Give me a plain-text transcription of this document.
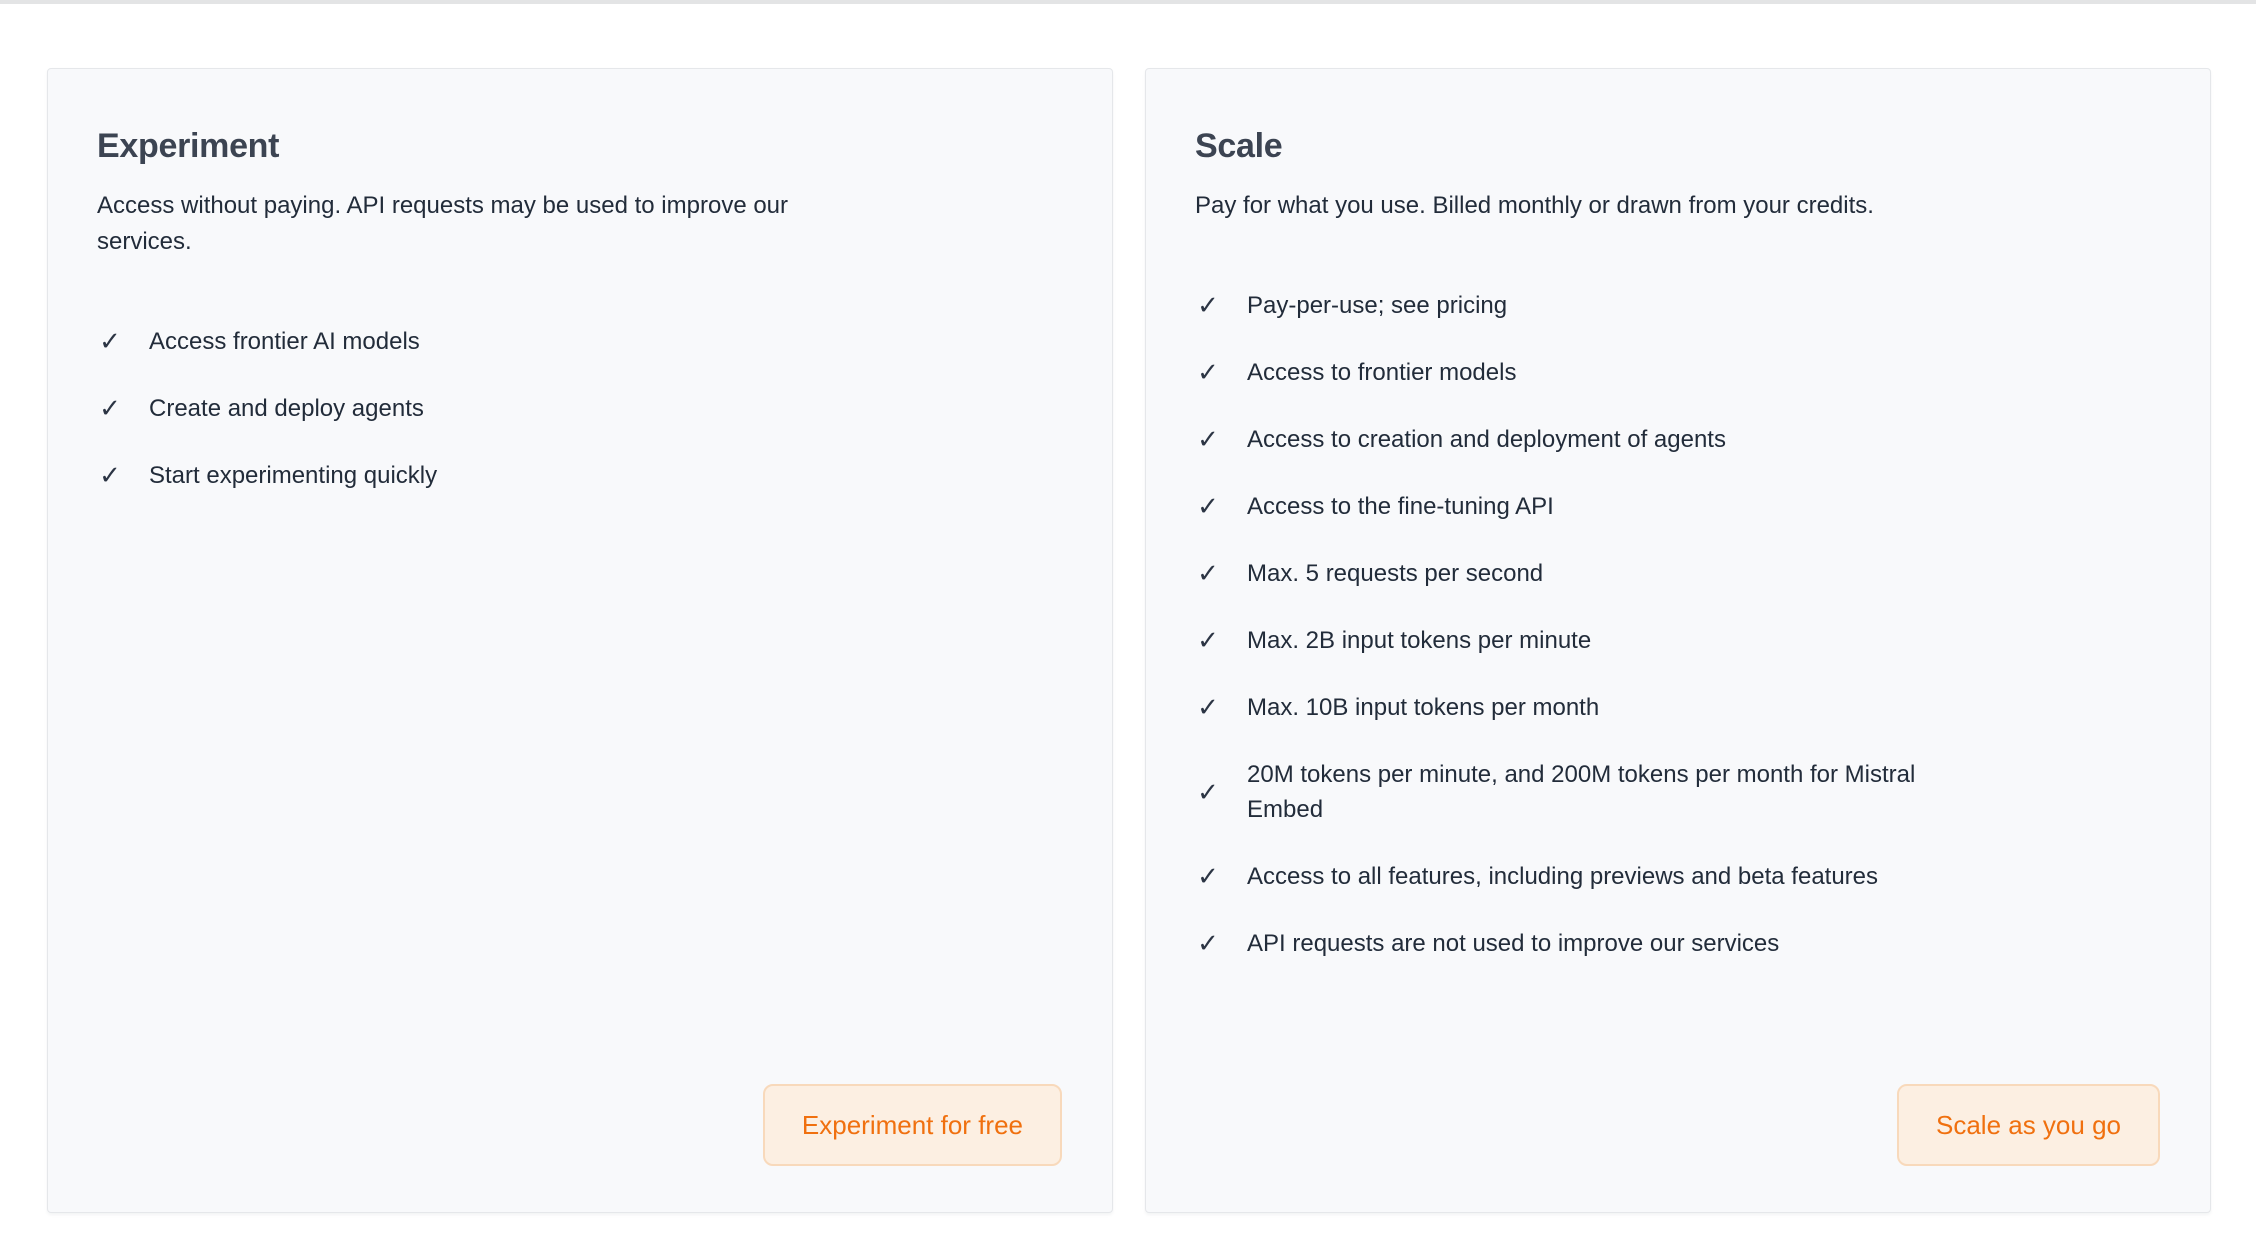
Experiment

Access without paying. API requests may be used to improve our services.

✓ Access frontier AI models
✓ Create and deploy agents
✓ Start experimenting quickly
Experiment for free
Scale

Pay for what you use. Billed monthly or drawn from your credits.

✓ Pay-per-use; see pricing
✓ Access to frontier models
✓ Access to creation and deployment of agents
✓ Access to the fine-tuning API
✓ Max. 5 requests per second
✓ Max. 2B input tokens per minute
✓ Max. 10B input tokens per month
✓
20M tokens per minute, and 200M tokens per month for Mistral Embed
✓ Access to all features, including previews and beta features
✓ API requests are not used to improve our services
Scale as you go
